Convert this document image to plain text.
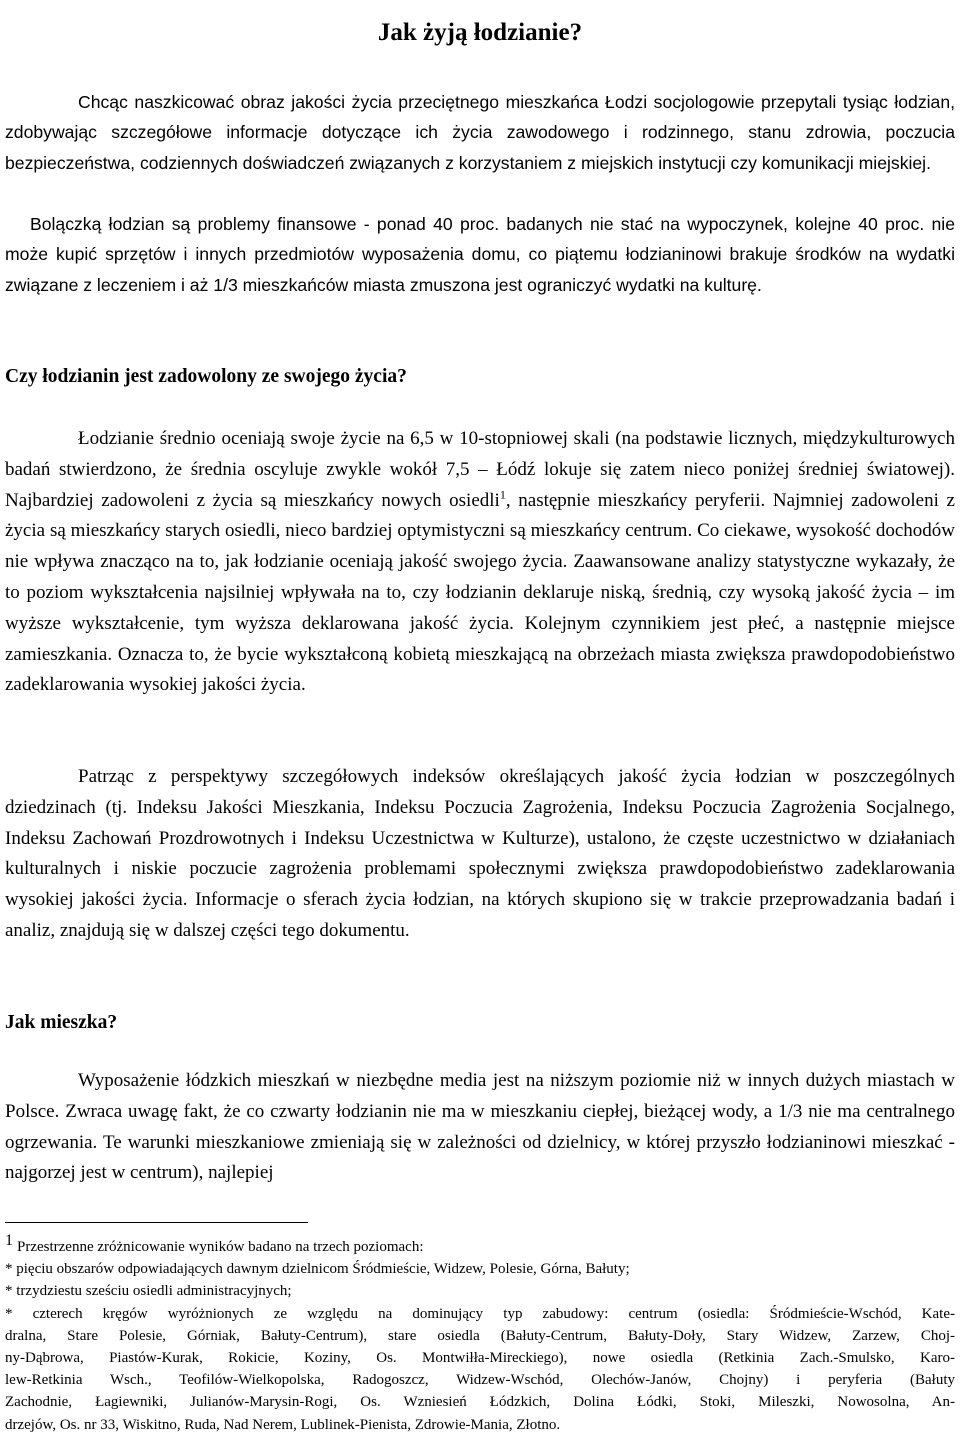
Jak żyją łodzianie?

Chcąc naszkicować obraz jakości życia przeciętnego mieszkańca Łodzi socjologowie przepytali tysiąc łodzian, zdobywając szczegółowe informacje dotyczące ich życia zawodowego i rodzinnego, stanu zdrowia, poczucia bezpieczeństwa, codziennych doświadczeń związanych z korzystaniem z miejskich instytucji czy komunikacji miejskiej.

Bolączką łodzian są problemy finansowe - ponad 40 proc. badanych nie stać na wypoczynek, kolejne 40 proc. nie może kupić sprzętów i innych przedmiotów wyposażenia domu, co piątemu łodzianinowi brakuje środków na wydatki związane z leczeniem i aż 1/3 mieszkańców miasta zmuszona jest ograniczyć wydatki na kulturę.

Czy łodzianin jest zadowolony ze swojego życia?

Łodzianie średnio oceniają swoje życie na 6,5 w 10-stopniowej skali (na podstawie licznych, międzykulturowych badań stwierdzono, że średnia oscyluje zwykle wokół 7,5 – Łódź lokuje się zatem nieco poniżej średniej światowej). Najbardziej zadowoleni z życia są mieszkańcy nowych osiedli$^1$, następnie mieszkańcy peryferii. Najmniej zadowoleni z życia są mieszkańcy starych osiedli, nieco bardziej optymistyczni są mieszkańcy centrum. Co ciekawe, wysokość dochodów nie wpływa znacząco na to, jak łodzianie oceniają jakość swojego życia. Zaawansowane analizy statystyczne wykazały, że to poziom wykształcenia najsilniej wpływała na to, czy łodzianin deklaruje niską, średnią, czy wysoką jakość życia – im wyższe wykształcenie, tym wyższa deklarowana jakość życia. Kolejnym czynnikiem jest płeć, a następnie miejsce zamieszkania. Oznacza to, że bycie wykształconą kobietą mieszkającą na obrzeżach miasta zwiększa prawdopodobieństwo zadeklarowania wysokiej jakości życia.

Patrząc z perspektywy szczegółowych indeksów określających jakość życia łodzian w poszczególnych dziedzinach (tj. Indeksu Jakości Mieszkania, Indeksu Poczucia Zagrożenia, Indeksu Poczucia Zagrożenia Socjalnego, Indeksu Zachowań Prozdrowotnych i Indeksu Uczestnictwa w Kulturze), ustalono, że częste uczestnictwo w działaniach kulturalnych i niskie poczucie zagrożenia problemami społecznymi zwiększa prawdopodobieństwo zadeklarowania wysokiej jakości życia. Informacje o sferach życia łodzian, na których skupiono się w trakcie przeprowadzania badań i analiz, znajdują się w dalszej części tego dokumentu.

Jak mieszka?

Wyposażenie łódzkich mieszkań w niezbędne media jest na niższym poziomie niż w innych dużych miastach w Polsce. Zwraca uwagę fakt, że co czwarty łodzianin nie ma w mieszkaniu ciepłej, bieżącej wody, a 1/3 nie ma centralnego ogrzewania. Te warunki mieszkaniowe zmieniają się w zależności od dzielnicy, w której przyszło łodzianinowi mieszkać - najgorzej jest w centrum), najlepiej

1 Przestrzenne zróżnicowanie wyników badano na trzech poziomach:
* pięciu obszarów odpowiadających dawnym dzielnicom Śródmieście, Widzew, Polesie, Górna, Bałuty;
* trzydziestu sześciu osiedli administracyjnych;
* czterech kręgów wyróżnionych ze względu na dominujący typ zabudowy: centrum (osiedla: Śródmieście-Wschód, Kate-
dralna, Stare Polesie, Górniak, Bałuty-Centrum), stare osiedla (Bałuty-Centrum, Bałuty-Doły, Stary Widzew, Zarzew, Choj-
ny-Dąbrowa, Piastów-Kurak, Rokicie, Koziny, Os. Montwiłła-Mireckiego), nowe osiedla (Retkinia Zach.-Smulsko, Karo-
lew-Retkinia Wsch., Teofilów-Wielkopolska, Radogoszcz, Widzew-Wschód, Olechów-Janów, Chojny) i peryferia (Bałuty
Zachodnie, Łagiewniki, Julianów-Marysin-Rogi, Os. Wzniesień Łódzkich, Dolina Łódki, Stoki, Mileszki, Nowosolna, An-
drzejów, Os. nr 33, Wiskitno, Ruda, Nad Nerem, Lublinek-Pienista, Zdrowie-Mania, Złotno.
